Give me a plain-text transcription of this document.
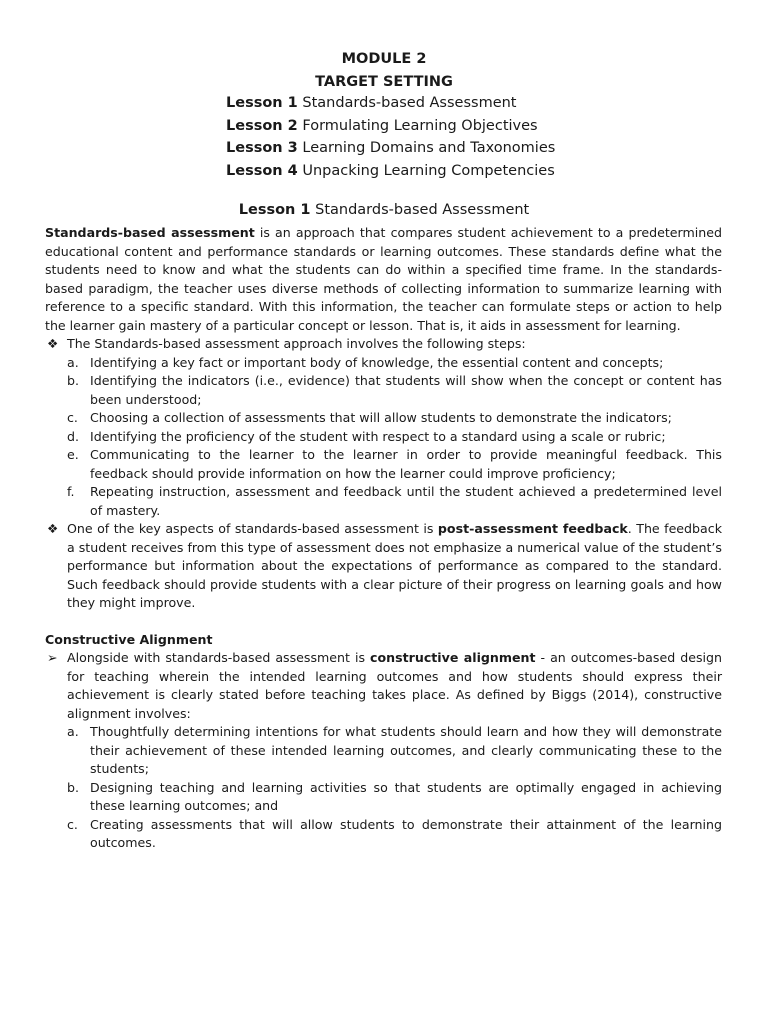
MODULE 2
TARGET SETTING
Lesson 1 Standards-based Assessment
Lesson 2 Formulating Learning Objectives
Lesson 3 Learning Domains and Taxonomies
Lesson 4 Unpacking Learning Competencies
Lesson 1 Standards-based Assessment

Standards-based assessment is an approach that compares student achievement to a predetermined educational content and performance standards or learning outcomes. These standards define what the students need to know and what the students can do within a specified time frame. In the standards- based paradigm, the teacher uses diverse methods of collecting information to summarize learning with reference to a specific standard. With this information, the teacher can formulate steps or action to help the learner gain mastery of a particular concept or lesson. That is, it aids in assessment for learning.

❖ The Standards-based assessment approach involves the following steps:
a. Identifying a key fact or important body of knowledge, the essential content and concepts;
b. Identifying the indicators (i.e., evidence) that students will show when the concept or content has been understood;
c. Choosing a collection of assessments that will allow students to demonstrate the indicators;
d. Identifying the proficiency of the student with respect to a standard using a scale or rubric;
e. Communicating to the learner to the learner in order to provide meaningful feedback. This feedback should provide information on how the learner could improve proficiency;
f. Repeating instruction, assessment and feedback until the student achieved a predetermined level of mastery.
❖ One of the key aspects of standards-based assessment is post-assessment feedback. The feedback a student receives from this type of assessment does not emphasize a numerical value of the student’s performance but information about the expectations of performance as compared to the standard. Such feedback should provide students with a clear picture of their progress on learning goals and how they might improve.
Constructive Alignment
➢ Alongside with standards-based assessment is constructive alignment - an outcomes-based design for teaching wherein the intended learning outcomes and how students should express their achievement is clearly stated before teaching takes place. As defined by Biggs (2014), constructive alignment involves:
a. Thoughtfully determining intentions for what students should learn and how they will demonstrate their achievement of these intended learning outcomes, and clearly communicating these to the students;
b. Designing teaching and learning activities so that students are optimally engaged in achieving these learning outcomes; and
c. Creating assessments that will allow students to demonstrate their attainment of the learning outcomes.
